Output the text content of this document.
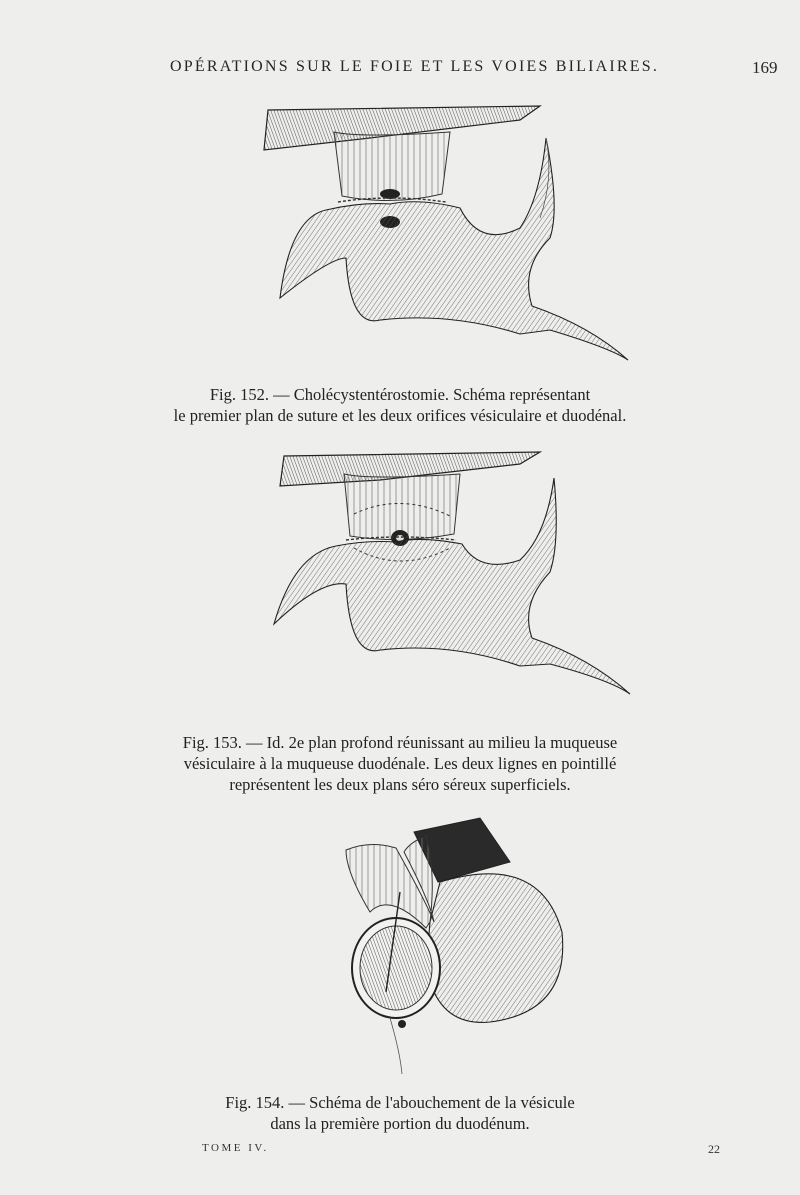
OPÉRATIONS SUR LE FOIE ET LES VOIES BILIAIRES.	169
Fig. 152. — Cholécystentérostomie. Schéma représentant
le premier plan de suture et les deux orifices vésiculaire et duodénal.
Fig. 153. — Id. 2e plan profond réunissant au milieu la muqueuse
vésiculaire à la muqueuse duodénale. Les deux lignes en pointillé
représentent les deux plans séro séreux superficiels.
Fig. 154. — Schéma de l'abouchement de la vésicule
dans la première portion du duodénum.
TOME IV.	22
